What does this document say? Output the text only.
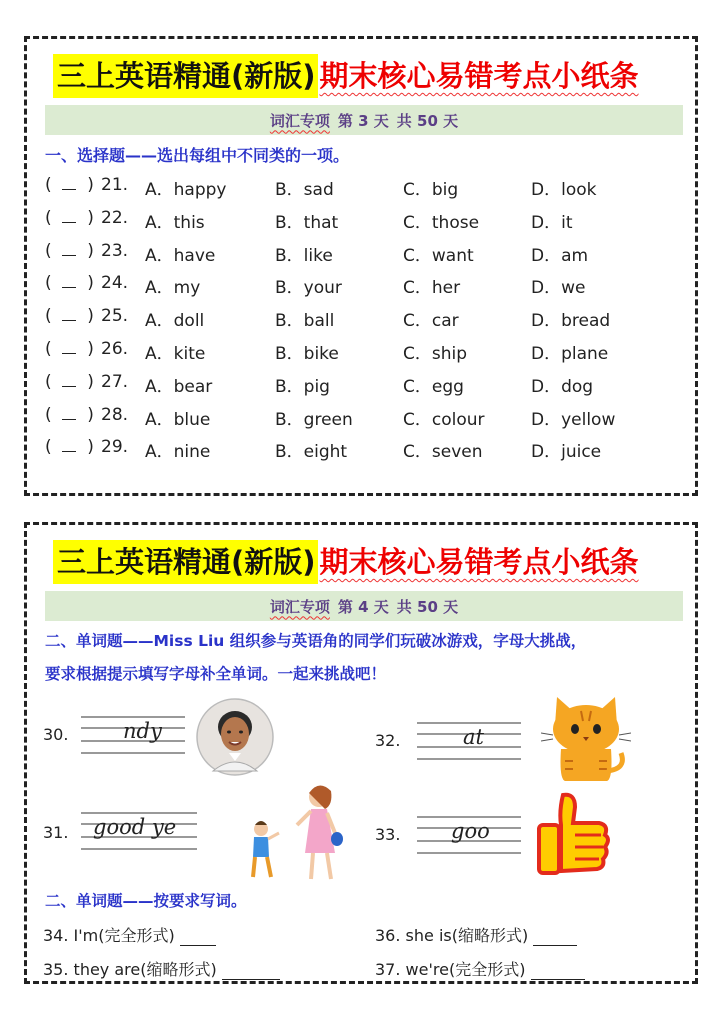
三上英语精通(新版) 期末核心易错考点小纸条
词汇专项 第 3 天 共 50 天
一、选择题——选出每组中不同类的一项。
(    ) 21. A．happy	B．sad	C．big	D．look
(    ) 22. A．this	B．that	C．those	D．it
(    ) 23. A．have	B．like	C．want	D．am
(    ) 24. A．my	B．your	C．her	D．we
(    ) 25. A．doll	B．ball	C．car	D．bread
(    ) 26. A．kite	B．bike	C．ship	D．plane
(    ) 27. A．bear	B．pig	C．egg	D．dog
(    ) 28. A．blue	B．green	C．colour	D．yellow
(    ) 29. A．nine	B．eight	C．seven	D．juice
三上英语精通(新版) 期末核心易错考点小纸条
词汇专项 第 4 天 共 50 天
二、单词题——Miss Liu 组织参与英语角的同学们玩破冰游戏，字母大挑战，
要求根据提示填写字母补全单词。一起来挑战吧！
30.	ndy
31. good ye
32.	at
33. goo
二、单词题——按要求写词。
34. I'm(完全形式)
35. they are(缩略形式)
36. she is(缩略形式)
37. we're(完全形式)
